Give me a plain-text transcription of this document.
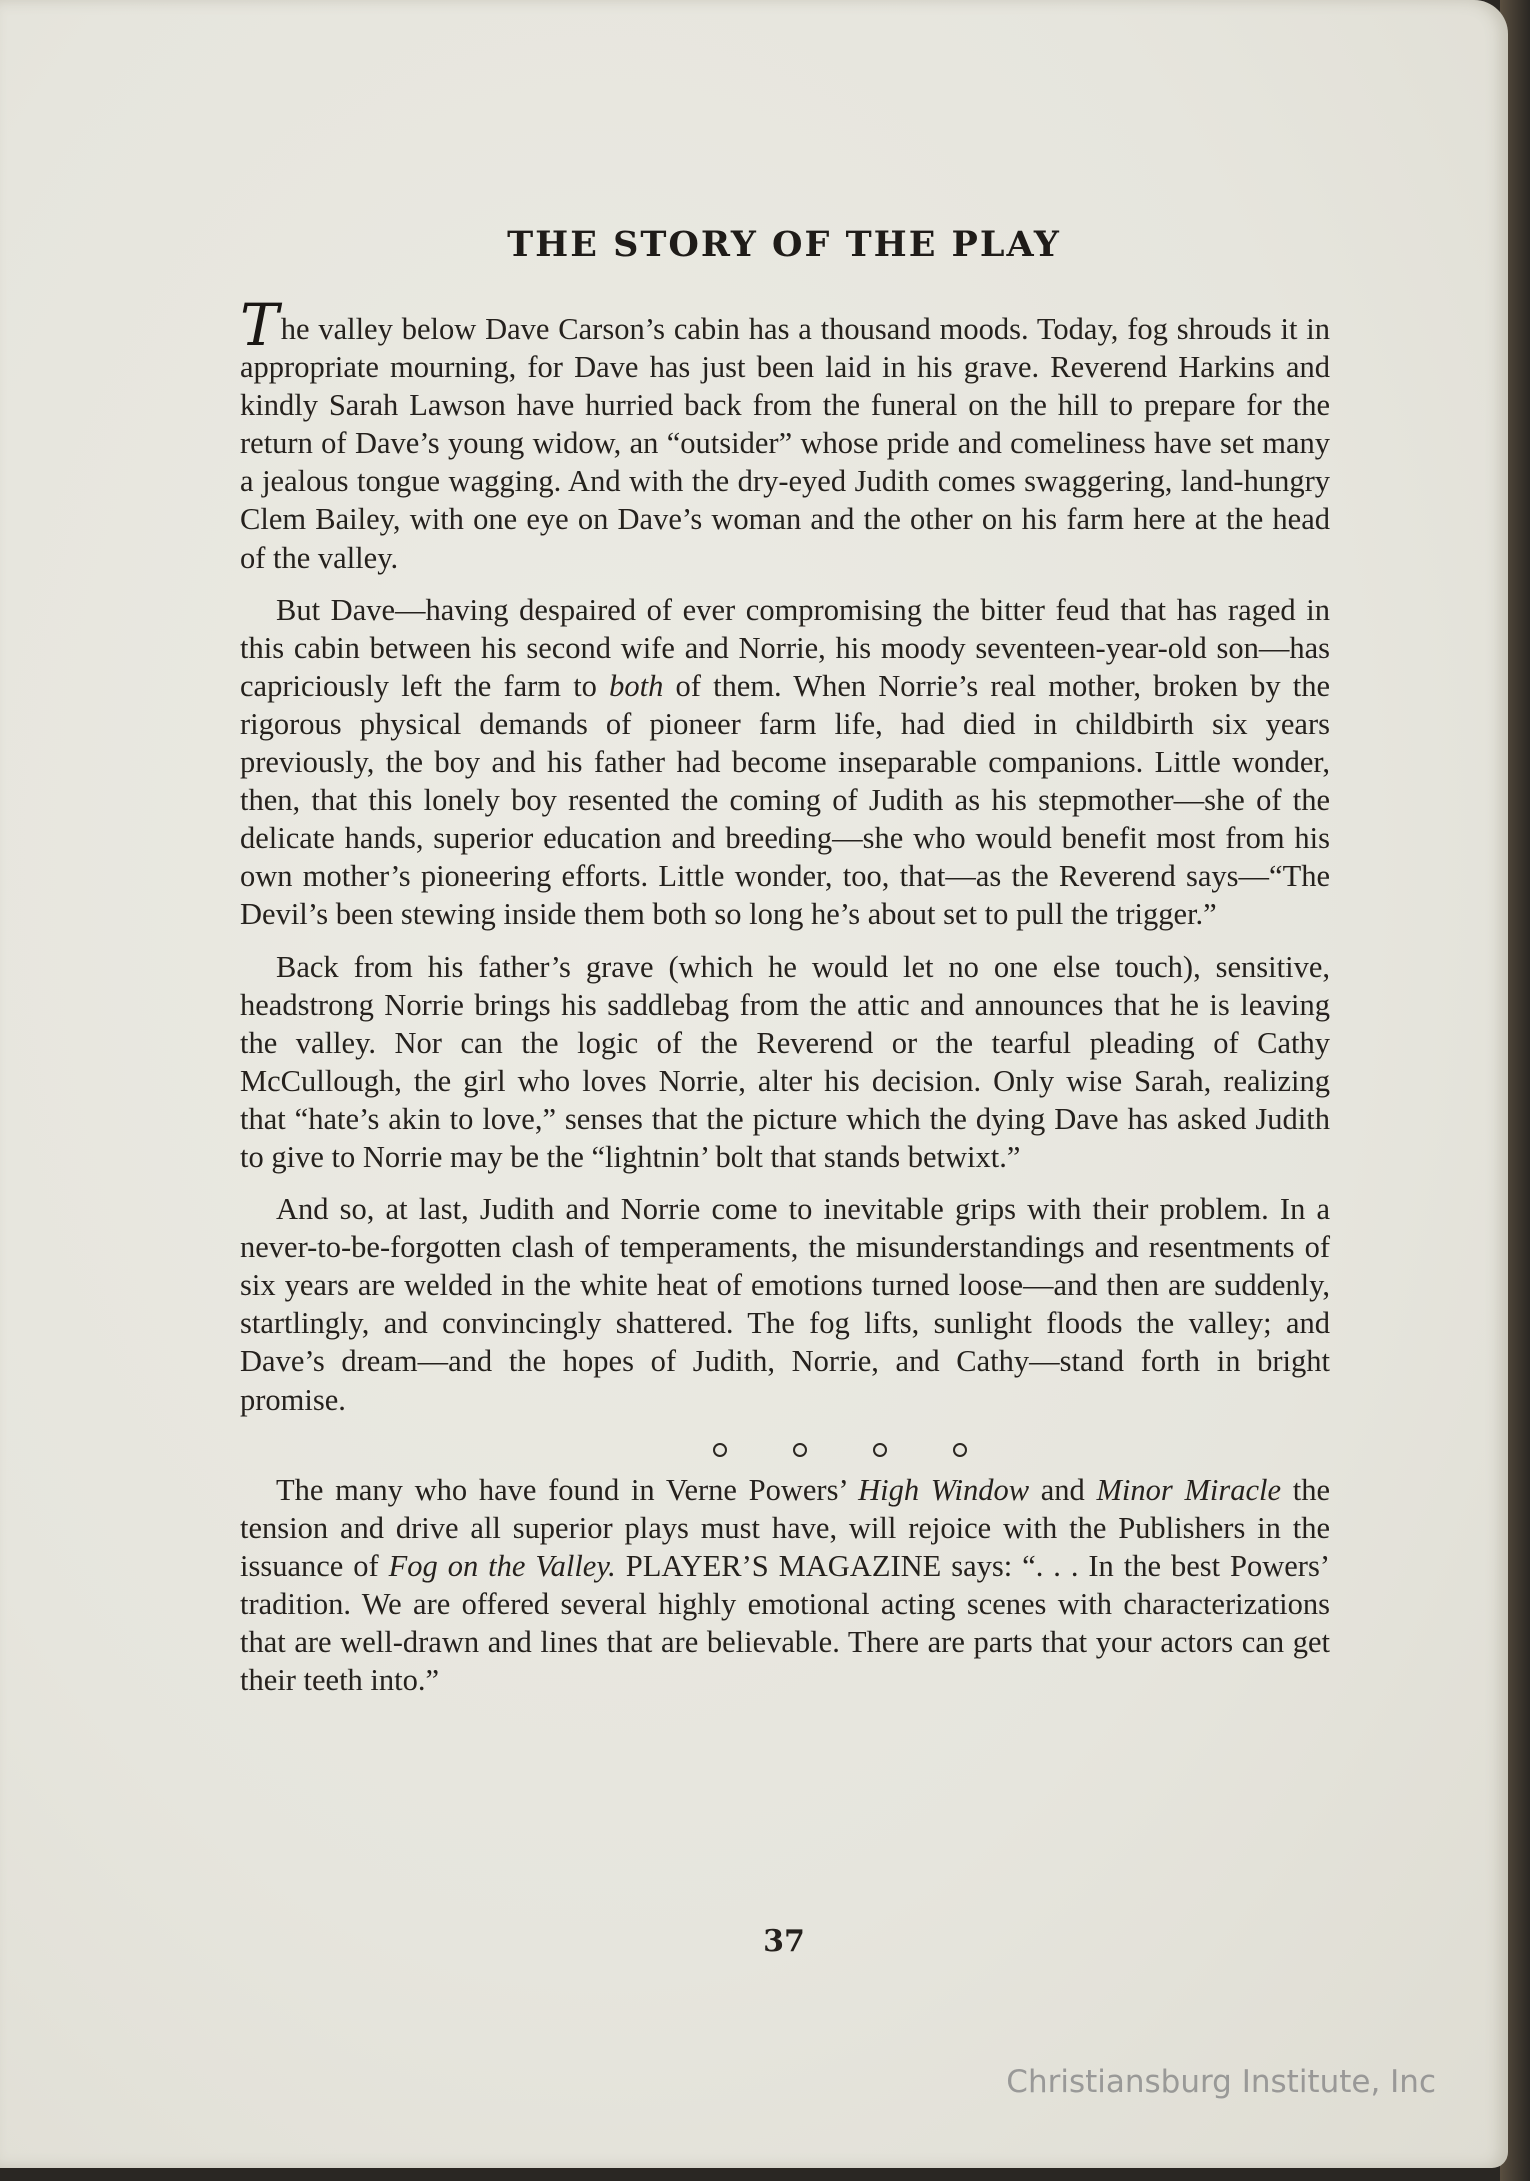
THE STORY OF THE PLAY

The valley below Dave Carson’s cabin has a thousand moods. Today, fog shrouds it in appropriate mourning, for Dave has just been laid in his grave. Reverend Harkins and kindly Sarah Lawson have hurried back from the funeral on the hill to prepare for the return of Dave’s young widow, an “outsider” whose pride and comeliness have set many a jealous tongue wagging. And with the dry-eyed Judith comes swaggering, land-hungry Clem Bailey, with one eye on Dave’s woman and the other on his farm here at the head of the valley.

But Dave—having despaired of ever compromising the bitter feud that has raged in this cabin between his second wife and Norrie, his moody seventeen-year-old son—has capriciously left the farm to both of them. When Norrie’s real mother, broken by the rigorous physical demands of pioneer farm life, had died in childbirth six years previously, the boy and his father had become inseparable companions. Little wonder, then, that this lonely boy resented the coming of Judith as his stepmother—she of the delicate hands, superior education and breeding—she who would benefit most from his own mother’s pioneering efforts. Little wonder, too, that—as the Reverend says—“The Devil’s been stewing inside them both so long he’s about set to pull the trigger.”

Back from his father’s grave (which he would let no one else touch), sensitive, headstrong Norrie brings his saddlebag from the attic and announces that he is leaving the valley. Nor can the logic of the Reverend or the tearful pleading of Cathy McCullough, the girl who loves Norrie, alter his decision. Only wise Sarah, realizing that “hate’s akin to love,” senses that the picture which the dying Dave has asked Judith to give to Norrie may be the “lightnin’ bolt that stands betwixt.”

And so, at last, Judith and Norrie come to inevitable grips with their problem. In a never-to-be-forgotten clash of temperaments, the misunderstandings and resentments of six years are welded in the white heat of emotions turned loose—and then are suddenly, startlingly, and convincingly shattered. The fog lifts, sunlight floods the valley; and Dave’s dream—and the hopes of Judith, Norrie, and Cathy—stand forth in bright promise.

The many who have found in Verne Powers’ High Window and Minor Miracle the tension and drive all superior plays must have, will rejoice with the Publishers in the issuance of Fog on the Valley. PLAYER’S MAGAZINE says: “. . . In the best Powers’ tradition. We are offered several highly emotional acting scenes with characterizations that are well-drawn and lines that are believable. There are parts that your actors can get their teeth into.”

37
Christiansburg Institute, Inc
